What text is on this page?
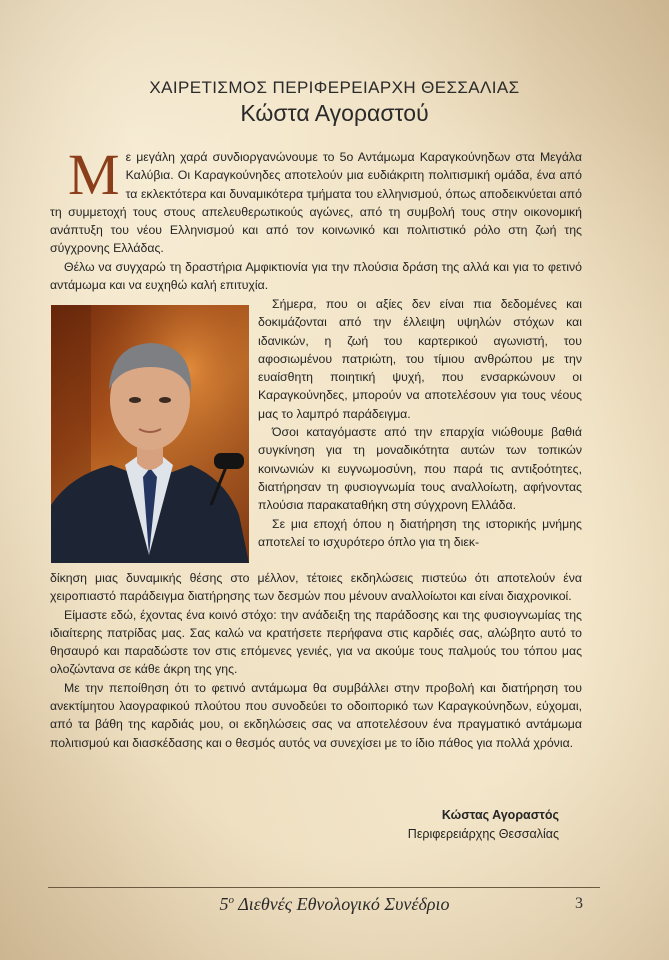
ΧΑΙΡΕΤΙΣΜΟΣ ΠΕΡΙΦΕΡΕΙΑΡΧΗ ΘΕΣΣΑΛΙΑΣ
Κώστα Αγοραστού
Μ ε μεγάλη χαρά συνδιοργανώνουμε το 5ο Αντάμωμα Καραγκούνηδων στα Μεγάλα Καλύβια. Οι Καραγκούνηδες αποτελούν μια ευδιάκριτη πολιτισμική ομάδα, ένα από τα εκλεκτότερα και δυναμικότερα τμήματα του ελληνισμού, όπως αποδεικνύεται από τη συμμετοχή τους στους απελευθερωτικούς αγώνες, από τη συμβολή τους στην οικονομική ανάπτυξη του νέου Ελληνισμού και από τον κοινωνικό και πολιτιστικό ρόλο στη ζωή της σύγχρονης Ελλάδας.

Θέλω να συγχαρώ τη δραστήρια Αμφικτιονία για την πλούσια δράση της αλλά και για το φετινό αντάμωμα και να ευχηθώ καλή επιτυχία.

Σήμερα, που οι αξίες δεν είναι πια δεδομένες και δοκιμάζονται από την έλλειψη υψηλών στόχων και ιδανικών, η ζωή του καρτερικού αγωνιστή, του αφοσιωμένου πατριώτη, του τίμιου ανθρώπου με την ευαίσθητη ποιητική ψυχή, που ενσαρκώνουν οι Καραγκούνηδες, μπορούν να αποτελέσουν για τους νέους μας το λαμπρό παράδειγμα.

Όσοι καταγόμαστε από την επαρχία νιώθουμε βαθιά συγκίνηση για τη μοναδικότητα αυτών των τοπικών κοινωνιών κι ευγνωμοσύνη, που παρά τις αντιξοότητες, διατήρησαν τη φυσιογνωμία τους αναλλοίωτη, αφήνοντας πλούσια παρακαταθήκη στη σύγχρονη Ελλάδα.

Σε μια εποχή όπου η διατήρηση της ιστορικής μνήμης αποτελεί το ισχυρότερο όπλο για τη διεκ-

δίκηση μιας δυναμικής θέσης στο μέλλον, τέτοιες εκδηλώσεις πιστεύω ότι αποτελούν ένα χειροπιαστό παράδειγμα διατήρησης των δεσμών που μένουν αναλλοίωτοι και είναι διαχρονικοί.

Είμαστε εδώ, έχοντας ένα κοινό στόχο: την ανάδειξη της παράδοσης και της φυσιογνωμίας της ιδιαίτερης πατρίδας μας. Σας καλώ να κρατήσετε περήφανα στις καρδιές σας, αλώβητο αυτό το θησαυρό και παραδώστε τον στις επόμενες γενιές, για να ακούμε τους παλμούς του τόπου μας ολοζώντανα σε κάθε άκρη της γης.

Με την πεποίθηση ότι το φετινό αντάμωμα θα συμβάλλει στην προβολή και διατήρηση του ανεκτίμητου λαογραφικού πλούτου που συνοδεύει το οδοιπορικό των Καραγκούνηδων, εύχομαι, από τα βάθη της καρδιάς μου, οι εκδηλώσεις σας να αποτελέσουν ένα πραγματικό αντάμωμα πολιτισμού και διασκέδασης και ο θεσμός αυτός να συνεχίσει με το ίδιο πάθος για πολλά χρόνια.

Κώστας Αγοραστός
Περιφερειάρχης Θεσσαλίας
$5^o$ Διεθνές Εθνολογικό Συνέδριο	3
